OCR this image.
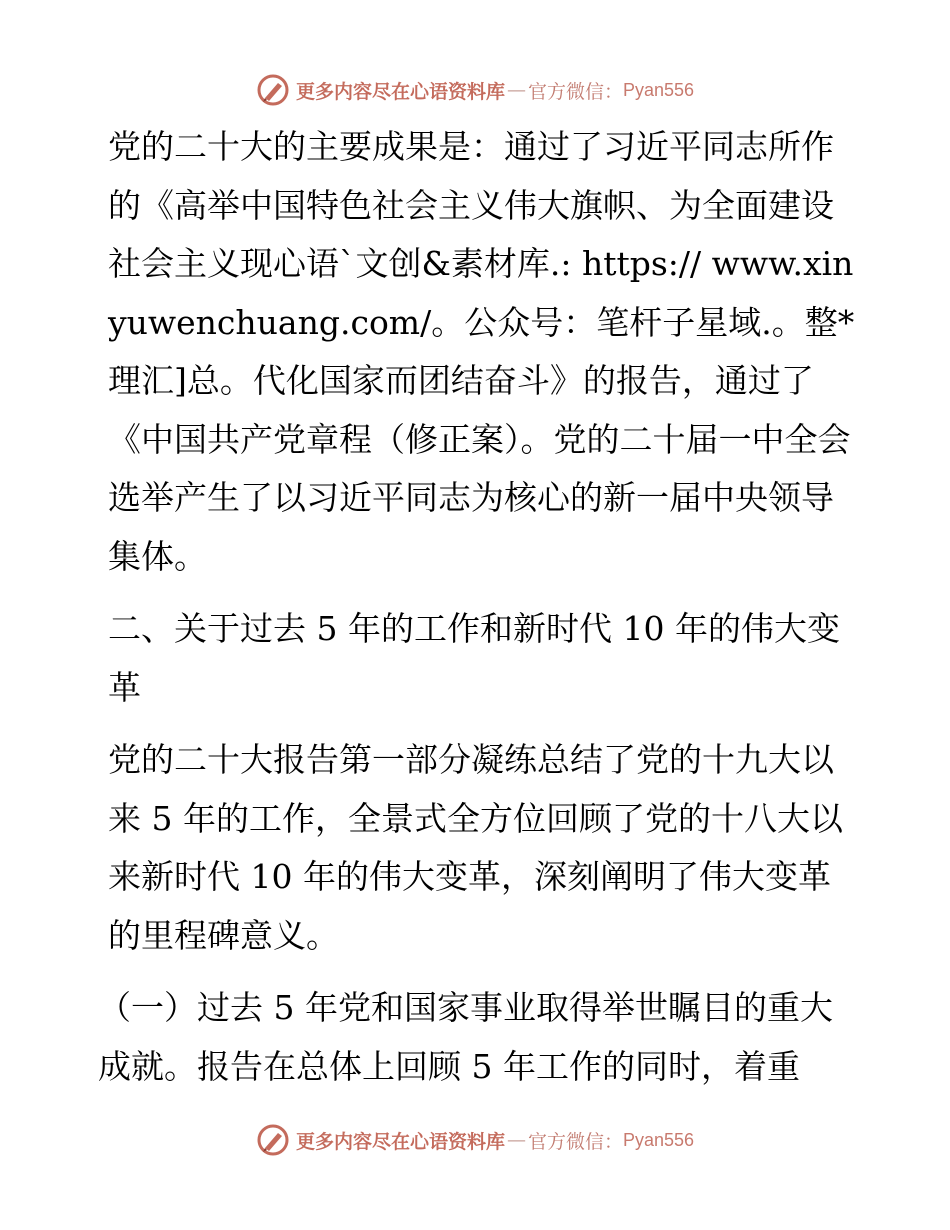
更多内容尽在心语资料库 — 官方微信： Pyan556

党的二十大的主要成果是：通过了习近平同志所作的《高举中国特色社会主义伟大旗帜、为全面建设社会主义现心语`文创&素材库.: https:// www.xinyuwenchuang.com/。公众号：笔杆子星域.。整*理汇]总。代化国家而团结奋斗》的报告，通过了《中国共产党章程（修正案）。党的二十届一中全会选举产生了以习近平同志为核心的新一届中央领导集体。

二、关于过去 5 年的工作和新时代 10 年的伟大变革

党的二十大报告第一部分凝练总结了党的十九大以来 5 年的工作，全景式全方位回顾了党的十八大以来新时代 10 年的伟大变革，深刻阐明了伟大变革的里程碑意义。

（一）过去 5 年党和国家事业取得举世瞩目的重大成就。报告在总体上回顾 5 年工作的同时，着重

更多内容尽在心语资料库 — 官方微信： Pyan556
